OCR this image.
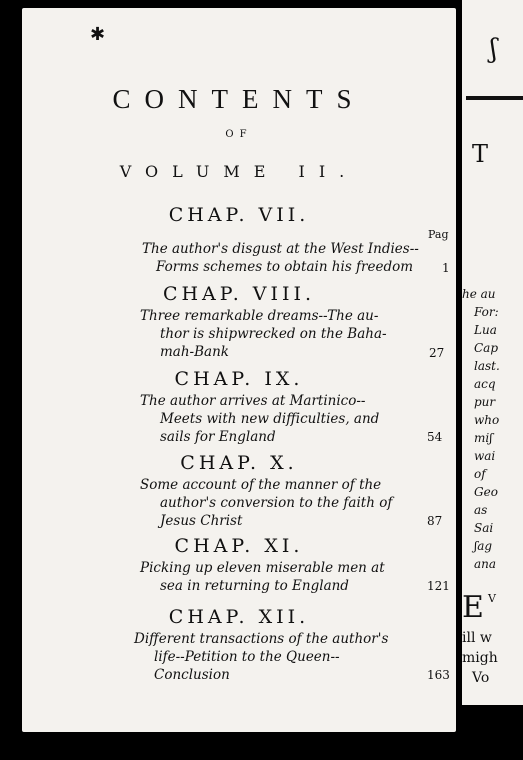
✱
CONTENTS
OF
VOLUME II.
Pag
CHAP. VII.
The author's disgust at the West Indies--
Forms schemes to obtain his freedom	1
CHAP. VIII.
Three remarkable dreams--The au-
thor is shipwrecked on the Baha-
mah-Bank	27
CHAP. IX.
The author arrives at Martinico--
Meets with new difficulties, and
sails for England	54
CHAP. X.
Some account of the manner of the
author's conversion to the faith of
Jesus Christ	87
CHAP. XI.
Picking up eleven miserable men at
sea in returning to England	121
CHAP. XII.
Different transactions of the author's
life--Petition to the Queen--
Conclusion	163
ʃ
T
he au
For:
Lua
Cap
last.
acq
pur
who
miʃ
wai
of
Geo
as
Sai
ʃag
ana
E V
ill w
migh
Vo
